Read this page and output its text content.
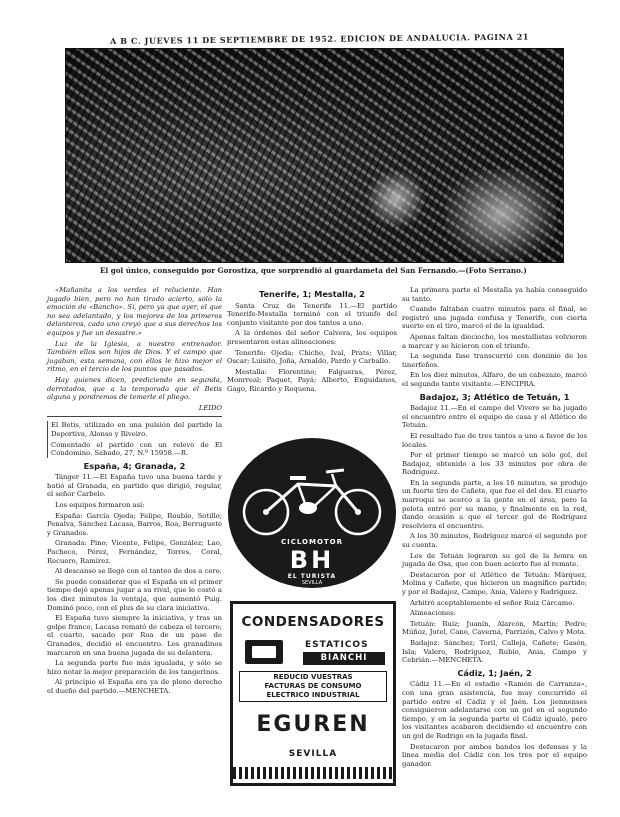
A B C. JUEVES 11 DE SEPTIEMBRE DE 1952. EDICION DE ANDALUCIA. PAGINA 21
El gol único, conseguido por Gorostiza, que sorprendió al guardameta del San Fernando.—(Foto Serrano.)

«Mañanita a los verdes el reluciente. Han jugado bien, pero no han tirado acierto, sólo la emoción de «Bancho». Sí, pero ya que ayer, el que no sea adelantado, y los mejores de los primeros delanteros, cada uno creyó que a sus derechos los equipos y fue un desastre.»

Luz de la Iglesia, a nuestro entrenador. También ellos son hijos de Dios. Y el campo que jugaban, esta semana, con ellos le hizo mejor el ritmo, en el tercio de los puntos que pasados.

Hay quienes dicen, prediciendo en segunda, derrotados, que a la temporada que el Betis alguna y pondremos de temerle el pliego.

LEIDO

El Betis, utilizado en una pulsión del partido la Deportiva, Alonso y Riveiro.

Comentado el partido con un relevo de El Condomino. Sábado, 27, N.º 15958.—R.

España, 4; Granada, 2

Tánger 11.—El España tuvo una buena tarde y batió al Granada, en partido que dirigió, regular, el señor Carbelo.

Los equipos formaron así:

España: García Ojeda; Felipe, Roubío, Sotillo; Penalva, Sánchez Lacasa, Barros, Roa, Berruguete y Granados.

Granada: Pino; Vicente, Felipe, González; Lao, Pacheco, Pérez, Fernández, Torres, Coral, Recuero, Ramírez.

Al descanso se llegó con el tanteo de dos a cero.

Se puede considerar que el España en el primer tiempo dejó apenas jugar a su rival, que le costó a los diez minutos la ventaja, que aumentó Puig. Dominó poco, con el plus de su clara iniciativa.

El España tuvo siempre la iniciativa, y tras un golpe franco, Lacasa remató de cabeza el tercero; el cuarto, sacado por Roa de un pase de Granados, decidió el encuentro. Los granadinos marcaron en una buena jugada de su delantera.

La segunda parte fue más igualada, y sólo se hizo notar la mejor preparación de los tangerinos.

Al principio el España era ya de pleno derecho el dueño del partido.—MENCHETA.

Tenerife, 1; Mestalla, 2

Santa Cruz de Tenerife 11.—El partido Tenerife-Mestalla terminó con el triunfo del conjunto visitante por dos tantos a uno.

A la órdenes del señor Calvera, los equipos presentaron estas alineaciones:

Tenerife: Ojeda; Chicho, Ival, Prats; Villar, Oscar; Luisito, Joña, Arnaldo, Pardo y Carballo.

Mestalla: Florentino; Falgueras, Pérez, Monrreal; Paquet, Payá; Alberto, Enguídanos, Gago, Ricardo y Requena.

CICLOMOTOR
BH
EL TURISTA
SEVILLA
CONDENSADORES
ESTATICOS
BIANCHI
REDUCID VUESTRAS
FACTURAS DE CONSUMO
ELECTRICO INDUSTRIAL
EGUREN
SEVILLA

La primera parte el Mestalla ya había conseguido su tanto.

Cuando faltaban cuatro minutos para el final, se registró una jugada confusa y Tenerife, con cierta suerte en el tiro, marcó el de la igualdad.

Apenas faltan dieciocho, los mestallistas volvieron a marcar y se hicieron con el triunfo.

La segunda fase transcurrió con dominio de los tinerfeños.

En los diez minutos, Alfaro, de un cabezazo, marcó el segundo tanto visitante.—ENCIPRA.

Badajoz, 3; Atlético de Tetuán, 1

Badajoz 11.—En el campo del Vivero se ha jugado el encuentro entre el equipo de casa y el Atlético de Tetuán.

El resultado fue de tres tantos a uno a favor de los locales.

Por el primer tiempo se marcó un solo gol, del Badajoz, obtenido a los 33 minutos por obra de Rodríguez.

En la segunda parte, a los 16 minutos, se produjo un fuerte tiro de Cañete, que fue el del dos. El cuarto marroquí se acercó a la gente en el área, pero la pelota entró por su mano, y finalmente en la red, dando ocasión a que el tercer gol de Rodríguez resolviera el encuentro.

A los 30 minutos, Rodríguez marcó el segundo por su cuenta.

Los de Tetuán lograron su gol de la honra en jugada de Osa, que con buen acierto fue al remate.

Destacaron por el Atlético de Tetuán: Márquez, Molina y Cañete, que hicieron un magnífico partido; y por el Badajoz, Campo, Ania, Valero y Rodríguez.

Arbitró aceptablemente el señor Ruiz Cárcamo.

Alineaciones:

Tetuán: Ruiz; Juanín, Alarcón, Martín; Pedro; Múñoz, Jutel, Cano, Caverná, Parrizón, Calvo y Mota.

Badajoz: Sánchez; Toril, Calleja, Cañete; Gasón, Isla; Valero, Rodríguez, Rubio, Ania, Campo y Cebrián.—MENCHETA.

Cádiz, 1; Jaén, 2

Cádiz 11.—En el estadio «Ramón de Carranza», con una gran asistencia, fue muy concurrido el partido entre el Cádiz y el Jaén. Los jiennenses consiguieron adelantarse con un gol en el segundo tiempo, y en la segunda parte el Cádiz igualó, pero los visitantes acabaron decidiendo el encuentro con un gol de Rodrigo en la jugada final.

Destacaron por ambos bandos los defensas y la línea media del Cádiz con los tres por el equipo ganador.
